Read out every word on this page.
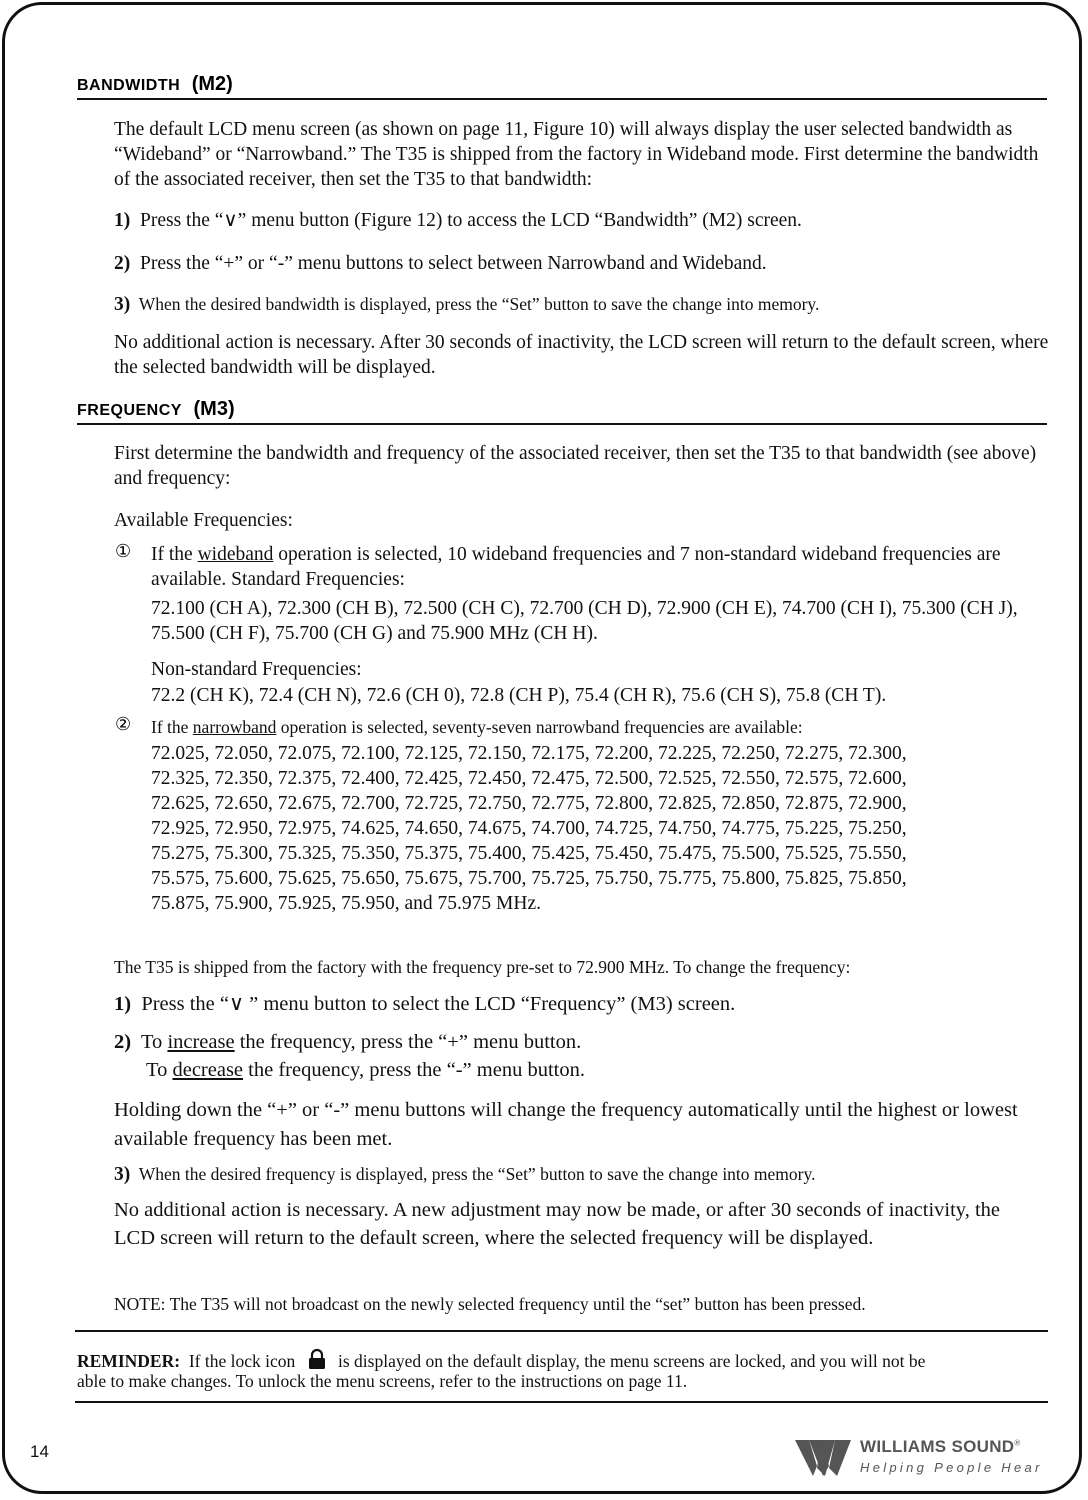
BANDWIDTH (M2)

The default LCD menu screen (as shown on page 11, Figure 10) will always display the user selected bandwidth as “Wideband” or “Narrowband.” The T35 is shipped from the factory in Wideband mode. First determine the bandwidth of the associated receiver, then set the T35 to that bandwidth:

1) Press the “∨” menu button (Figure 12) to access the LCD “Bandwidth” (M2) screen.

2) Press the “+” or “-” menu buttons to select between Narrowband and Wideband.

3) When the desired bandwidth is displayed, press the “Set” button to save the change into memory.

No additional action is necessary. After 30 seconds of inactivity, the LCD screen will return to the default screen, where the selected bandwidth will be displayed.

FREQUENCY (M3)

First determine the bandwidth and frequency of the associated receiver, then set the T35 to that bandwidth (see above) and frequency:

Available Frequencies:

① If the wideband operation is selected, 10 wideband frequencies and 7 non-standard wideband frequencies are available. Standard Frequencies:

72.100 (CH A), 72.300 (CH B), 72.500 (CH C), 72.700 (CH D), 72.900 (CH E), 74.700 (CH I), 75.300 (CH J), 75.500 (CH F), 75.700 (CH G) and 75.900 MHz (CH H).

Non-standard Frequencies:

72.2 (CH K), 72.4 (CH N), 72.6 (CH 0), 72.8 (CH P), 75.4 (CH R), 75.6 (CH S), 75.8 (CH T).

② If the narrowband operation is selected, seventy-seven narrowband frequencies are available:

72.025, 72.050, 72.075, 72.100, 72.125, 72.150, 72.175, 72.200, 72.225, 72.250, 72.275, 72.300,
72.325, 72.350, 72.375, 72.400, 72.425, 72.450, 72.475, 72.500, 72.525, 72.550, 72.575, 72.600,
72.625, 72.650, 72.675, 72.700, 72.725, 72.750, 72.775, 72.800, 72.825, 72.850, 72.875, 72.900,
72.925, 72.950, 72.975, 74.625, 74.650, 74.675, 74.700, 74.725, 74.750, 74.775, 75.225, 75.250,
75.275, 75.300, 75.325, 75.350, 75.375, 75.400, 75.425, 75.450, 75.475, 75.500, 75.525, 75.550,
75.575, 75.600, 75.625, 75.650, 75.675, 75.700, 75.725, 75.750, 75.775, 75.800, 75.825, 75.850,
75.875, 75.900, 75.925, 75.950, and 75.975 MHz.

The T35 is shipped from the factory with the frequency pre-set to 72.900 MHz. To change the frequency:

1) Press the “∨ ” menu button to select the LCD “Frequency” (M3) screen.

2) To increase the frequency, press the “+” menu button.

To decrease the frequency, press the “-” menu button.

Holding down the “+” or “-” menu buttons will change the frequency automatically until the highest or lowest available frequency has been met.

3) When the desired frequency is displayed, press the “Set” button to save the change into memory.

No additional action is necessary. A new adjustment may now be made, or after 30 seconds of inactivity, the LCD screen will return to the default screen, where the selected frequency will be displayed.

NOTE: The T35 will not broadcast on the newly selected frequency until the “set” button has been pressed.

REMINDER: If the lock icon is displayed on the default display, the menu screens are locked, and you will not be

able to make changes. To unlock the menu screens, refer to the instructions on page 11.

14	WILLIAMS SOUND®
Helping People Hear
